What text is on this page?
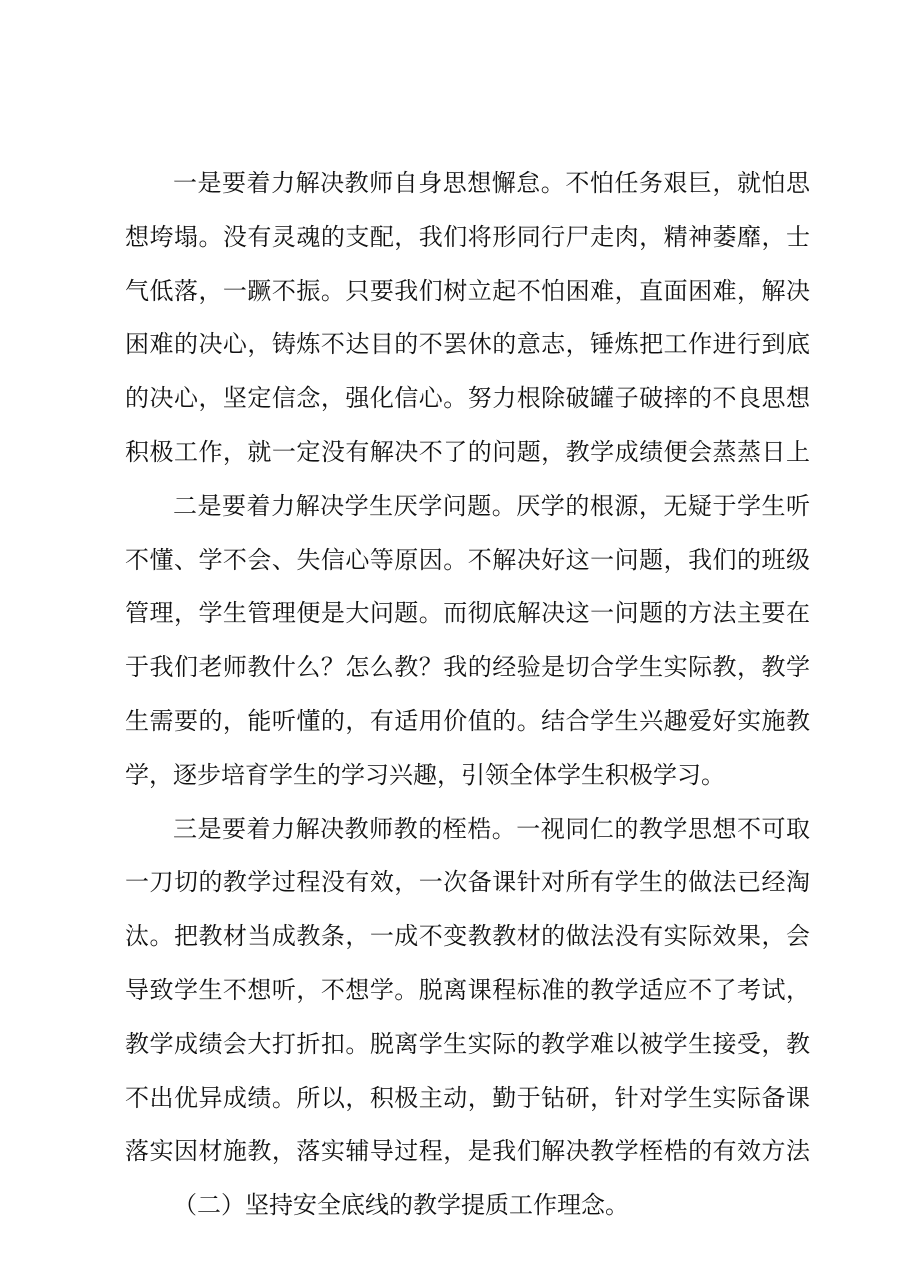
一是要着力解决教师自身思想懈怠。不怕任务艰巨，就怕思
想垮塌。没有灵魂的支配，我们将形同行尸走肉，精神萎靡，士
气低落，一蹶不振。只要我们树立起不怕困难，直面困难，解决
困难的决心，铸炼不达目的不罢休的意志，锤炼把工作进行到底
的决心，坚定信念，强化信心。努力根除破罐子破摔的不良思想
积极工作，就一定没有解决不了的问题，教学成绩便会蒸蒸日上
二是要着力解决学生厌学问题。厌学的根源，无疑于学生听
不懂、学不会、失信心等原因。不解决好这一问题，我们的班级
管理，学生管理便是大问题。而彻底解决这一问题的方法主要在
于我们老师教什么？怎么教？我的经验是切合学生实际教，教学
生需要的，能听懂的，有适用价值的。结合学生兴趣爱好实施教
学，逐步培育学生的学习兴趣，引领全体学生积极学习。
三是要着力解决教师教的桎梏。一视同仁的教学思想不可取
一刀切的教学过程没有效，一次备课针对所有学生的做法已经淘
汰。把教材当成教条，一成不变教教材的做法没有实际效果，会
导致学生不想听，不想学。脱离课程标准的教学适应不了考试，
教学成绩会大打折扣。脱离学生实际的教学难以被学生接受，教
不出优异成绩。所以，积极主动，勤于钻研，针对学生实际备课
落实因材施教，落实辅导过程，是我们解决教学桎梏的有效方法
（二）坚持安全底线的教学提质工作理念。
